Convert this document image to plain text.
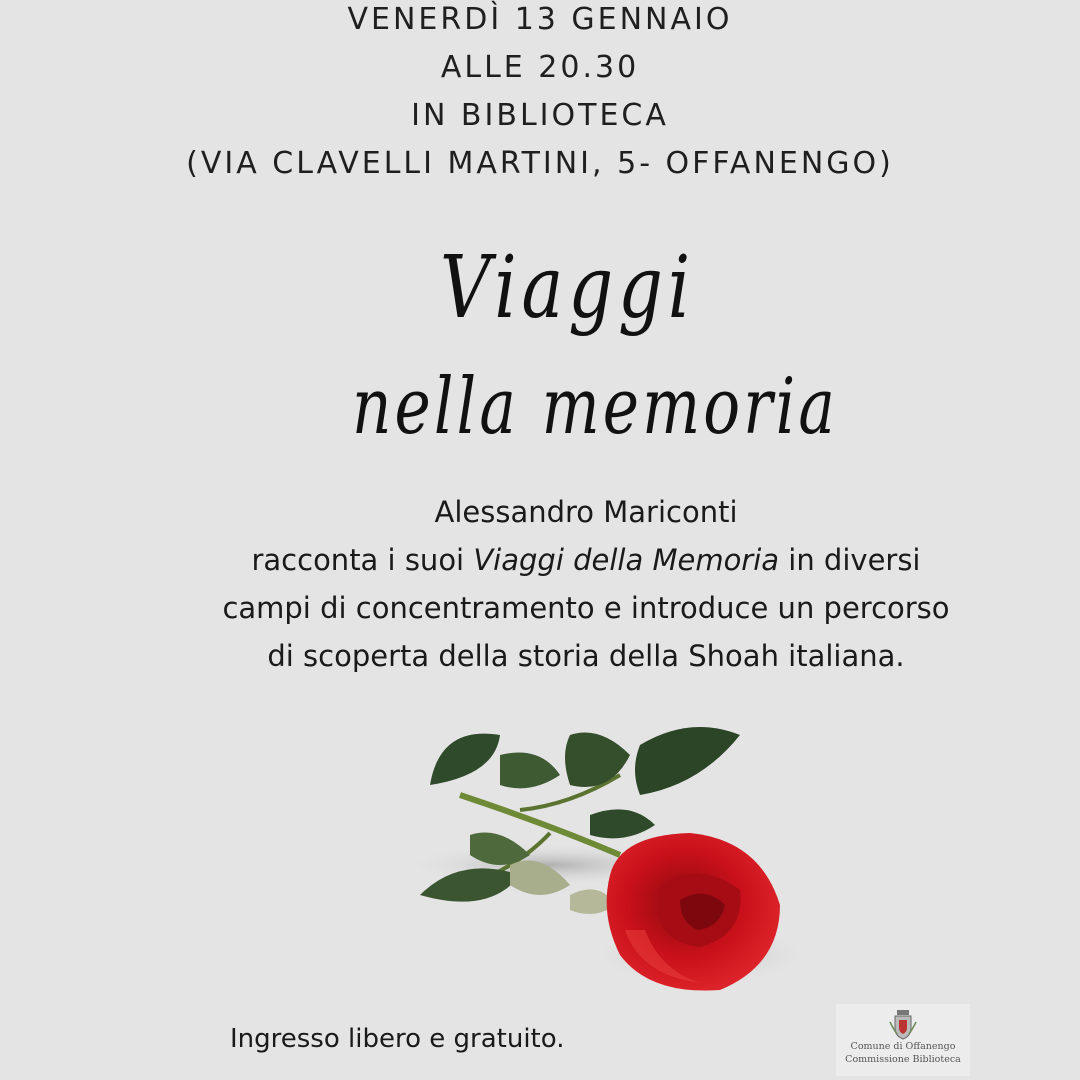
VENERDÌ 13 GENNAIO
ALLE 20.30
IN BIBLIOTECA
(VIA CLAVELLI MARTINI, 5- OFFANENGO)
Viaggi
nella memoria
Alessandro Mariconti
racconta i suoi Viaggi della Memoria in diversi
campi di concentramento e introduce un percorso
di scoperta della storia della Shoah italiana.
Ingresso libero e gratuito.	Comune di Offanengo
Commissione Biblioteca
